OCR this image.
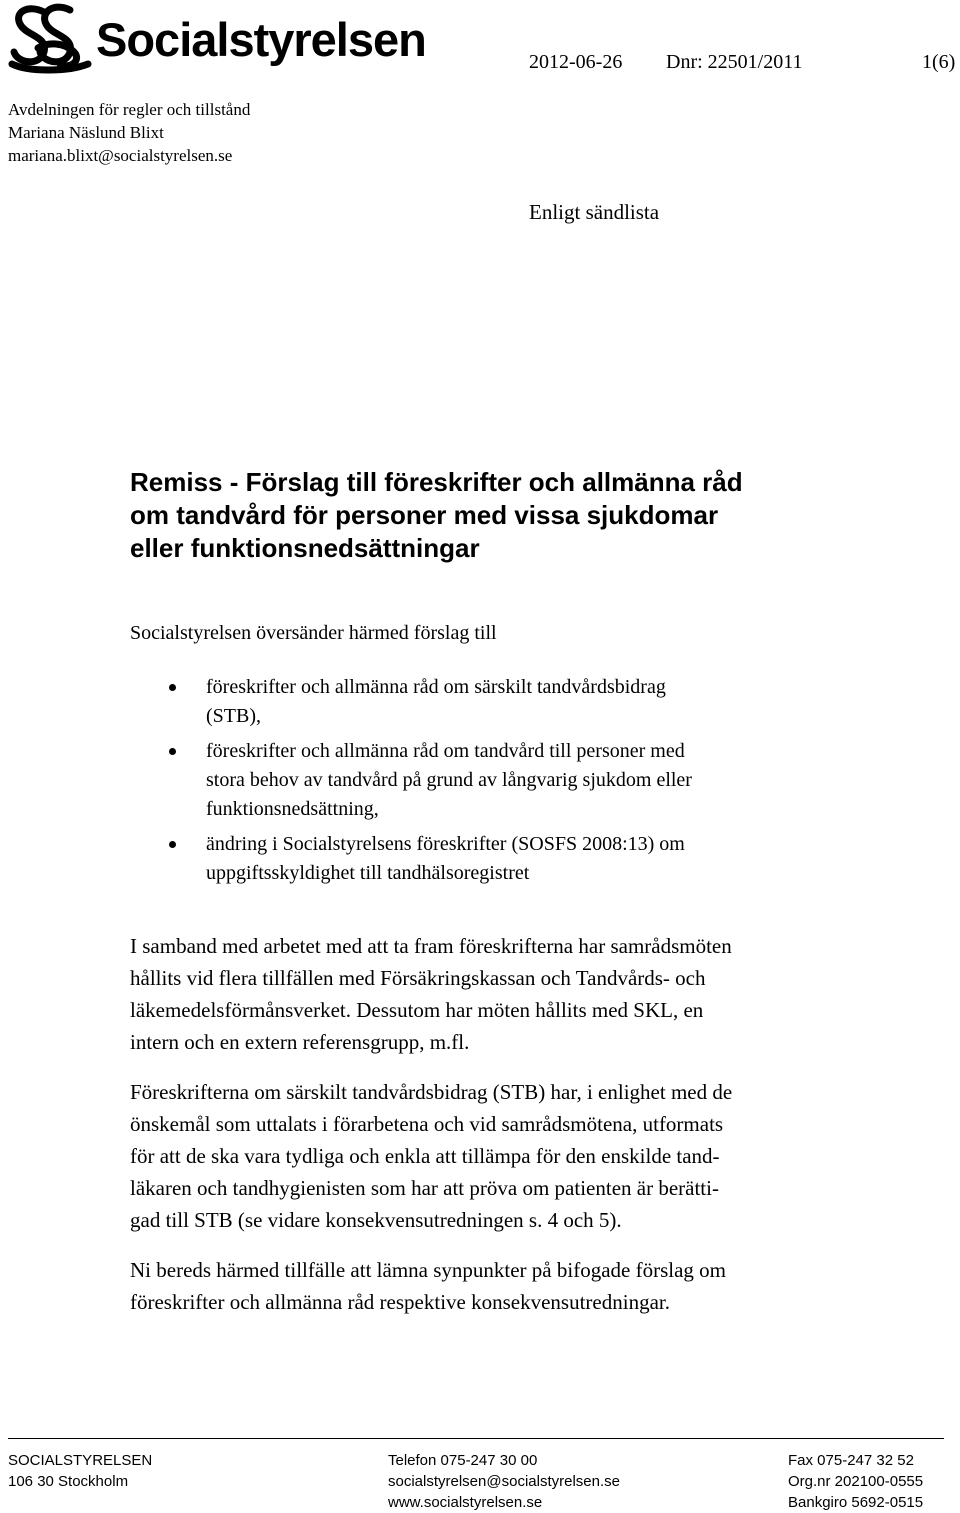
Socialstyrelsen	2012-06-26 Dnr: 22501/2011	1(6)
Avdelningen för regler och tillstånd
Mariana Näslund Blixt
mariana.blixt@socialstyrelsen.se
Enligt sändlista
Remiss - Förslag till föreskrifter och allmänna råd
om tandvård för personer med vissa sjukdomar
eller funktionsnedsättningar
Socialstyrelsen översänder härmed förslag till
föreskrifter och allmänna råd om särskilt tandvårdsbidrag
(STB),
föreskrifter och allmänna råd om tandvård till personer med
stora behov av tandvård på grund av långvarig sjukdom eller
funktionsnedsättning,
ändring i Socialstyrelsens föreskrifter (SOSFS 2008:13) om
uppgiftsskyldighet till tandhälsoregistret
I samband med arbetet med att ta fram föreskrifterna har samrådsmöten
hållits vid flera tillfällen med Försäkringskassan och Tandvårds- och
läkemedelsförmånsverket. Dessutom har möten hållits med SKL, en
intern och en extern referensgrupp, m.fl.
Föreskrifterna om särskilt tandvårdsbidrag (STB) har, i enlighet med de
önskemål som uttalats i förarbetena och vid samrådsmötena, utformats
för att de ska vara tydliga och enkla att tillämpa för den enskilde tand-
läkaren och tandhygienisten som har att pröva om patienten är berätti-
gad till STB (se vidare konsekvensutredningen s. 4 och 5).
Ni bereds härmed tillfälle att lämna synpunkter på bifogade förslag om
föreskrifter och allmänna råd respektive konsekvensutredningar.
SOCIALSTYRELSEN
106 30 Stockholm
Telefon 075-247 30 00
socialstyrelsen@socialstyrelsen.se
www.socialstyrelsen.se
Fax 075-247 32 52
Org.nr 202100-0555
Bankgiro 5692-0515
